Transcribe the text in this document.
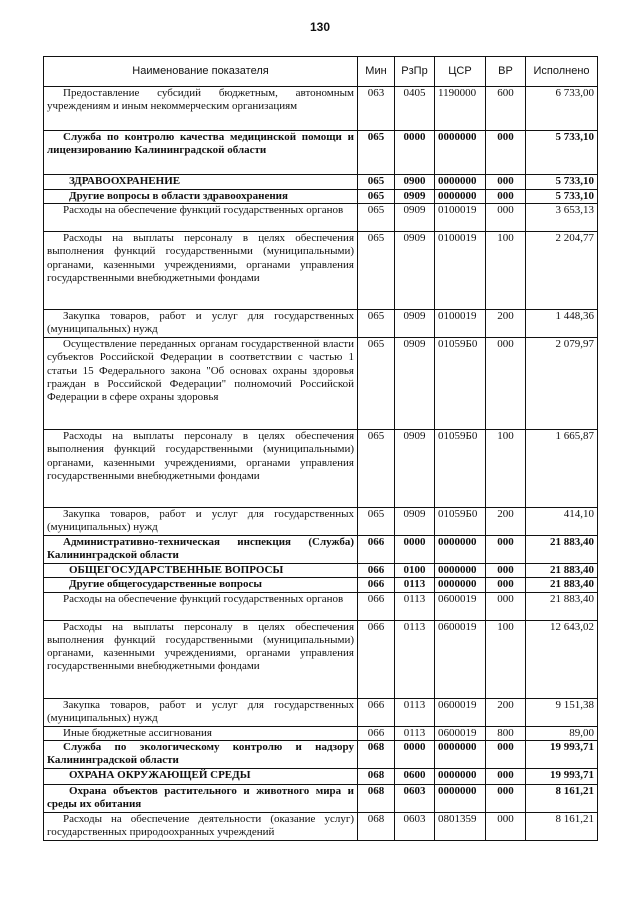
130
Наименование показателя	Мин	РзПр	ЦСР	ВР	Исполнено
Предоставление субсидий бюджетным, автономным учреждениям и иным некоммерческим организациям	063	0405	1190000	600	6 733,00
Служба по контролю качества медицинской помощи и лицензированию Калининградской области	065	0000	0000000	000	5 733,10
ЗДРАВООХРАНЕНИЕ	065	0900	0000000	000	5 733,10
Другие вопросы в области здравоохранения	065	0909	0000000	000	5 733,10
Расходы на обеспечение функций государственных органов	065	0909	0100019	000	3 653,13
Расходы на выплаты персоналу в целях обеспечения выполнения функций государственными (муниципальными) органами, казенными учреждениями, органами управления государственными внебюджетными фондами	065	0909	0100019	100	2 204,77
Закупка товаров, работ и услуг для государственных (муниципальных) нужд	065	0909	0100019	200	1 448,36
Осуществление переданных органам государственной власти субъектов Российской Федерации в соответствии с частью 1 статьи 15 Федерального закона "Об основах охраны здоровья граждан в Российской Федерации" полномочий Российской Федерации в сфере охраны здоровья	065	0909	01059Б0	000	2 079,97
Расходы на выплаты персоналу в целях обеспечения выполнения функций государственными (муниципальными) органами, казенными учреждениями, органами управления государственными внебюджетными фондами	065	0909	01059Б0	100	1 665,87
Закупка товаров, работ и услуг для государственных (муниципальных) нужд	065	0909	01059Б0	200	414,10
Административно-техническая инспекция (Служба) Калининградской области	066	0000	0000000	000	21 883,40
ОБЩЕГОСУДАРСТВЕННЫЕ ВОПРОСЫ	066	0100	0000000	000	21 883,40
Другие общегосударственные вопросы	066	0113	0000000	000	21 883,40
Расходы на обеспечение функций государственных органов	066	0113	0600019	000	21 883,40
Расходы на выплаты персоналу в целях обеспечения выполнения функций государственными (муниципальными) органами, казенными учреждениями, органами управления государственными внебюджетными фондами	066	0113	0600019	100	12 643,02
Закупка товаров, работ и услуг для государственных (муниципальных) нужд	066	0113	0600019	200	9 151,38
Иные бюджетные ассигнования	066	0113	0600019	800	89,00
Служба по экологическому контролю и надзору Калининградской области	068	0000	0000000	000	19 993,71
ОХРАНА ОКРУЖАЮЩЕЙ СРЕДЫ	068	0600	0000000	000	19 993,71
Охрана объектов растительного и животного мира и среды их обитания	068	0603	0000000	000	8 161,21
Расходы на обеспечение деятельности (оказание услуг) государственных природоохранных учреждений	068	0603	0801359	000	8 161,21
